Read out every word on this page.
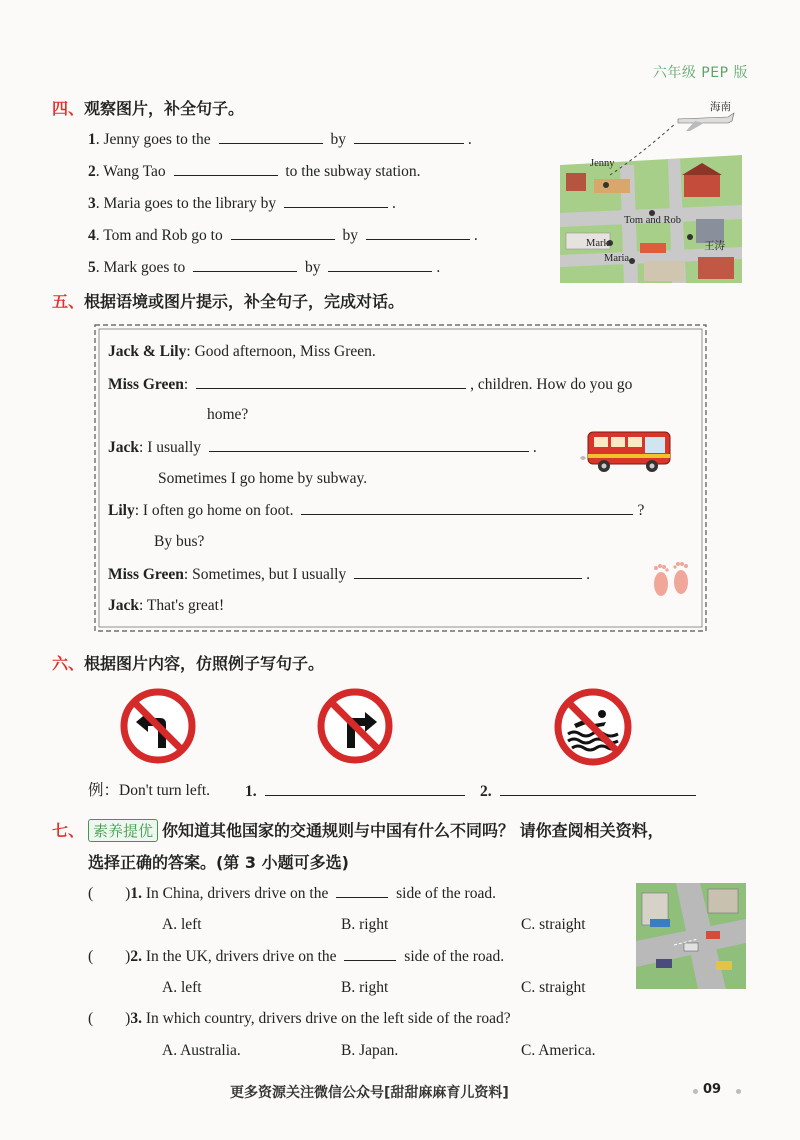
六年级 PEP 版
四、观察图片，补全句子。
1. Jenny goes to the	by	.
2. Wang Tao	to the subway station.
3. Maria goes to the library by	.
4. Tom and Rob go to	by	.
5. Mark goes to	by	.
海南
Jenny
Tom and Rob
Mark	王涛
Maria
五、根据语境或图片提示，补全句子，完成对话。
Jack & Lily: Good afternoon, Miss Green.
Miss Green:	, children. How do you go
home?
Jack: I usually	.
Sometimes I go home by subway.
Lily: I often go home on foot.	?
By bus?
Miss Green: Sometimes, but I usually	.
Jack: That's great!
六、根据图片内容，仿照例子写句子。
例：Don't turn left. 1.	2.
七、 素养提优 你知道其他国家的交通规则与中国有什么不同吗？ 请你查阅相关资料，
选择正确的答案。(第 3 小题可多选)
( )1. In China, drivers drive on the	side of the road.
A. left	B. right	C. straight
( )2. In the UK, drivers drive on the	side of the road.
A. left	B. right	C. straight
( )3. In which country, drivers drive on the left side of the road?
A. Australia.	B. Japan.	C. America.
更多资源关注微信公众号[甜甜麻麻育儿资料]	09
